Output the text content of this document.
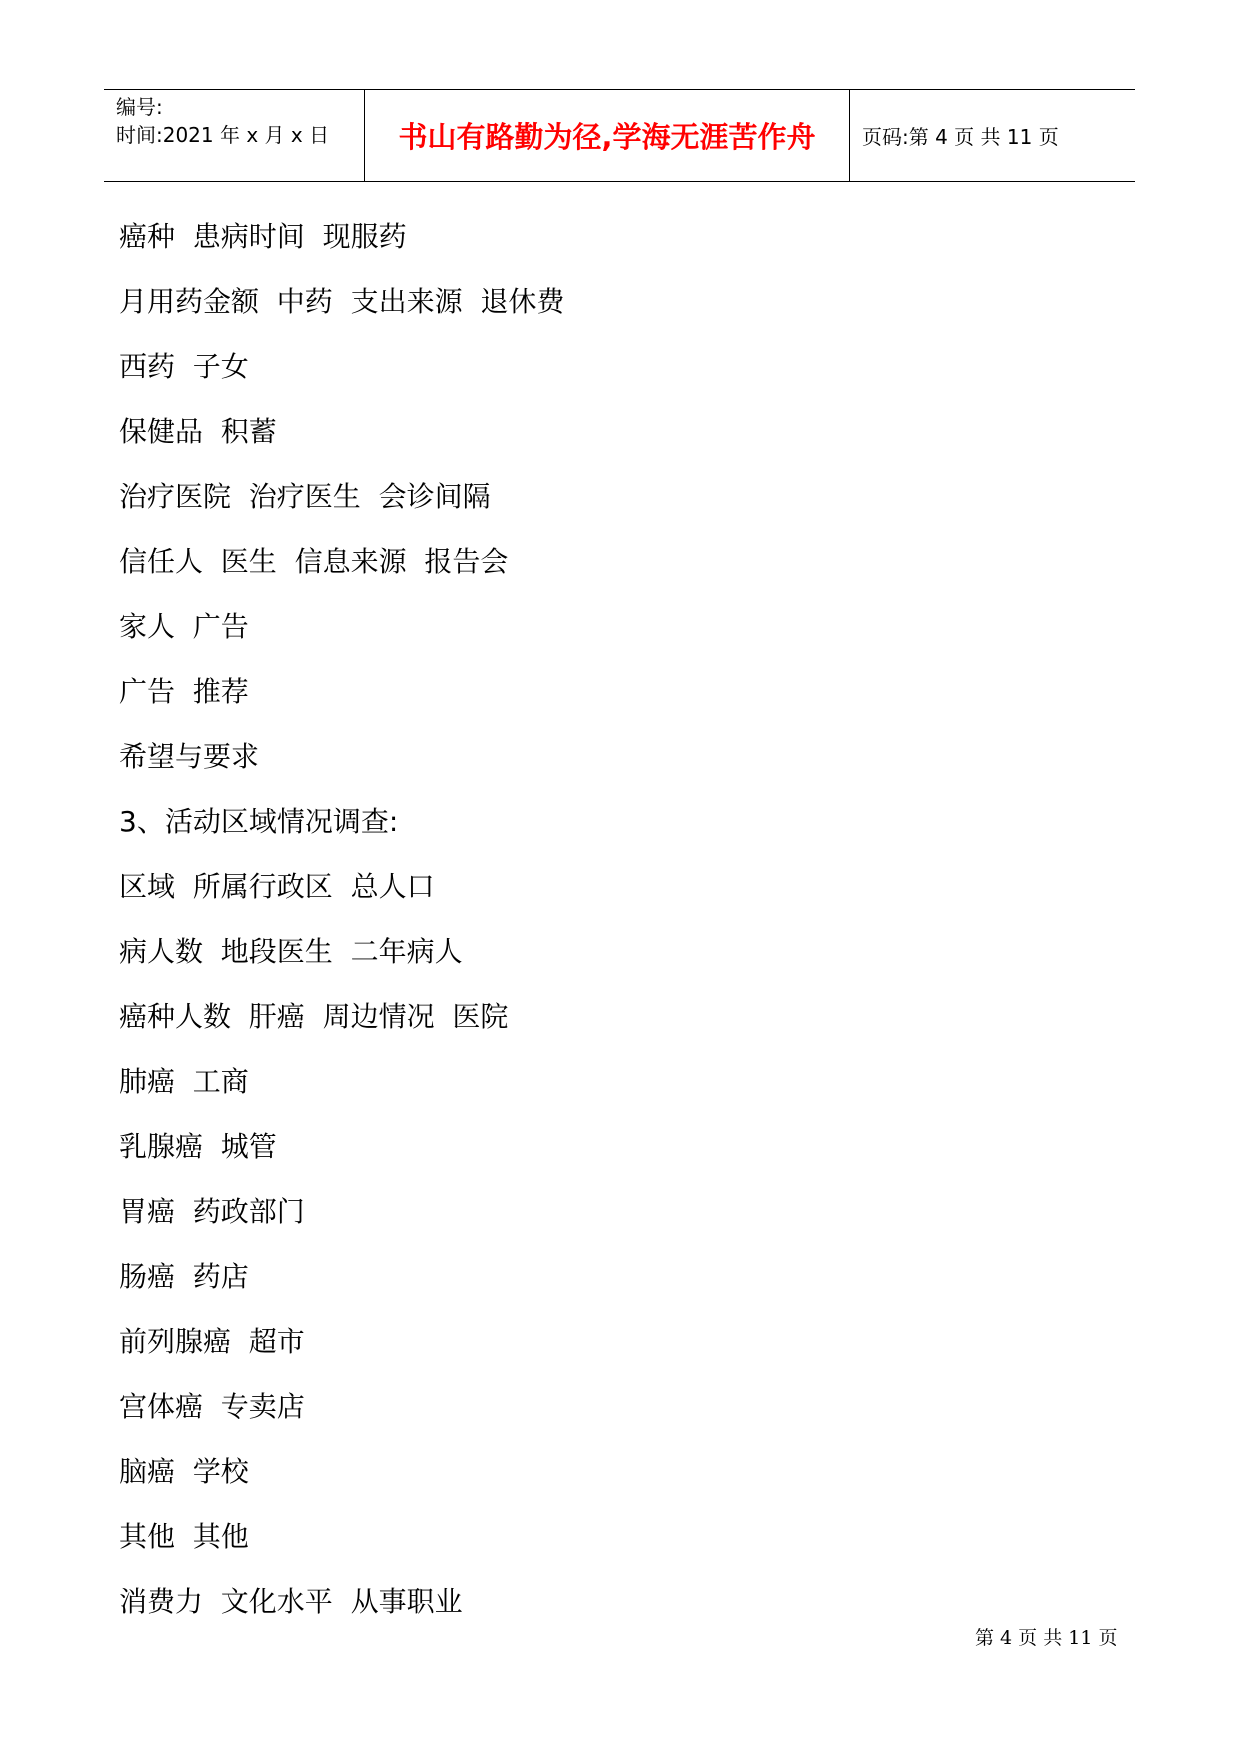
编号:
时间:2021 年 x 月 x 日	书山有路勤为径,学海无涯苦作舟	页码:第 4 页 共 11 页
癌种  患病时间  现服药
月用药金额  中药  支出来源  退休费
西药  子女
保健品  积蓄
治疗医院  治疗医生  会诊间隔
信任人  医生  信息来源  报告会
家人  广告
广告  推荐
希望与要求
3、活动区域情况调查:
区域  所属行政区  总人口
病人数  地段医生  二年病人
癌种人数  肝癌  周边情况  医院
肺癌  工商
乳腺癌  城管
胃癌  药政部门
肠癌  药店
前列腺癌  超市
宫体癌  专卖店
脑癌  学校
其他  其他
消费力  文化水平  从事职业
第 4 页 共 11 页
